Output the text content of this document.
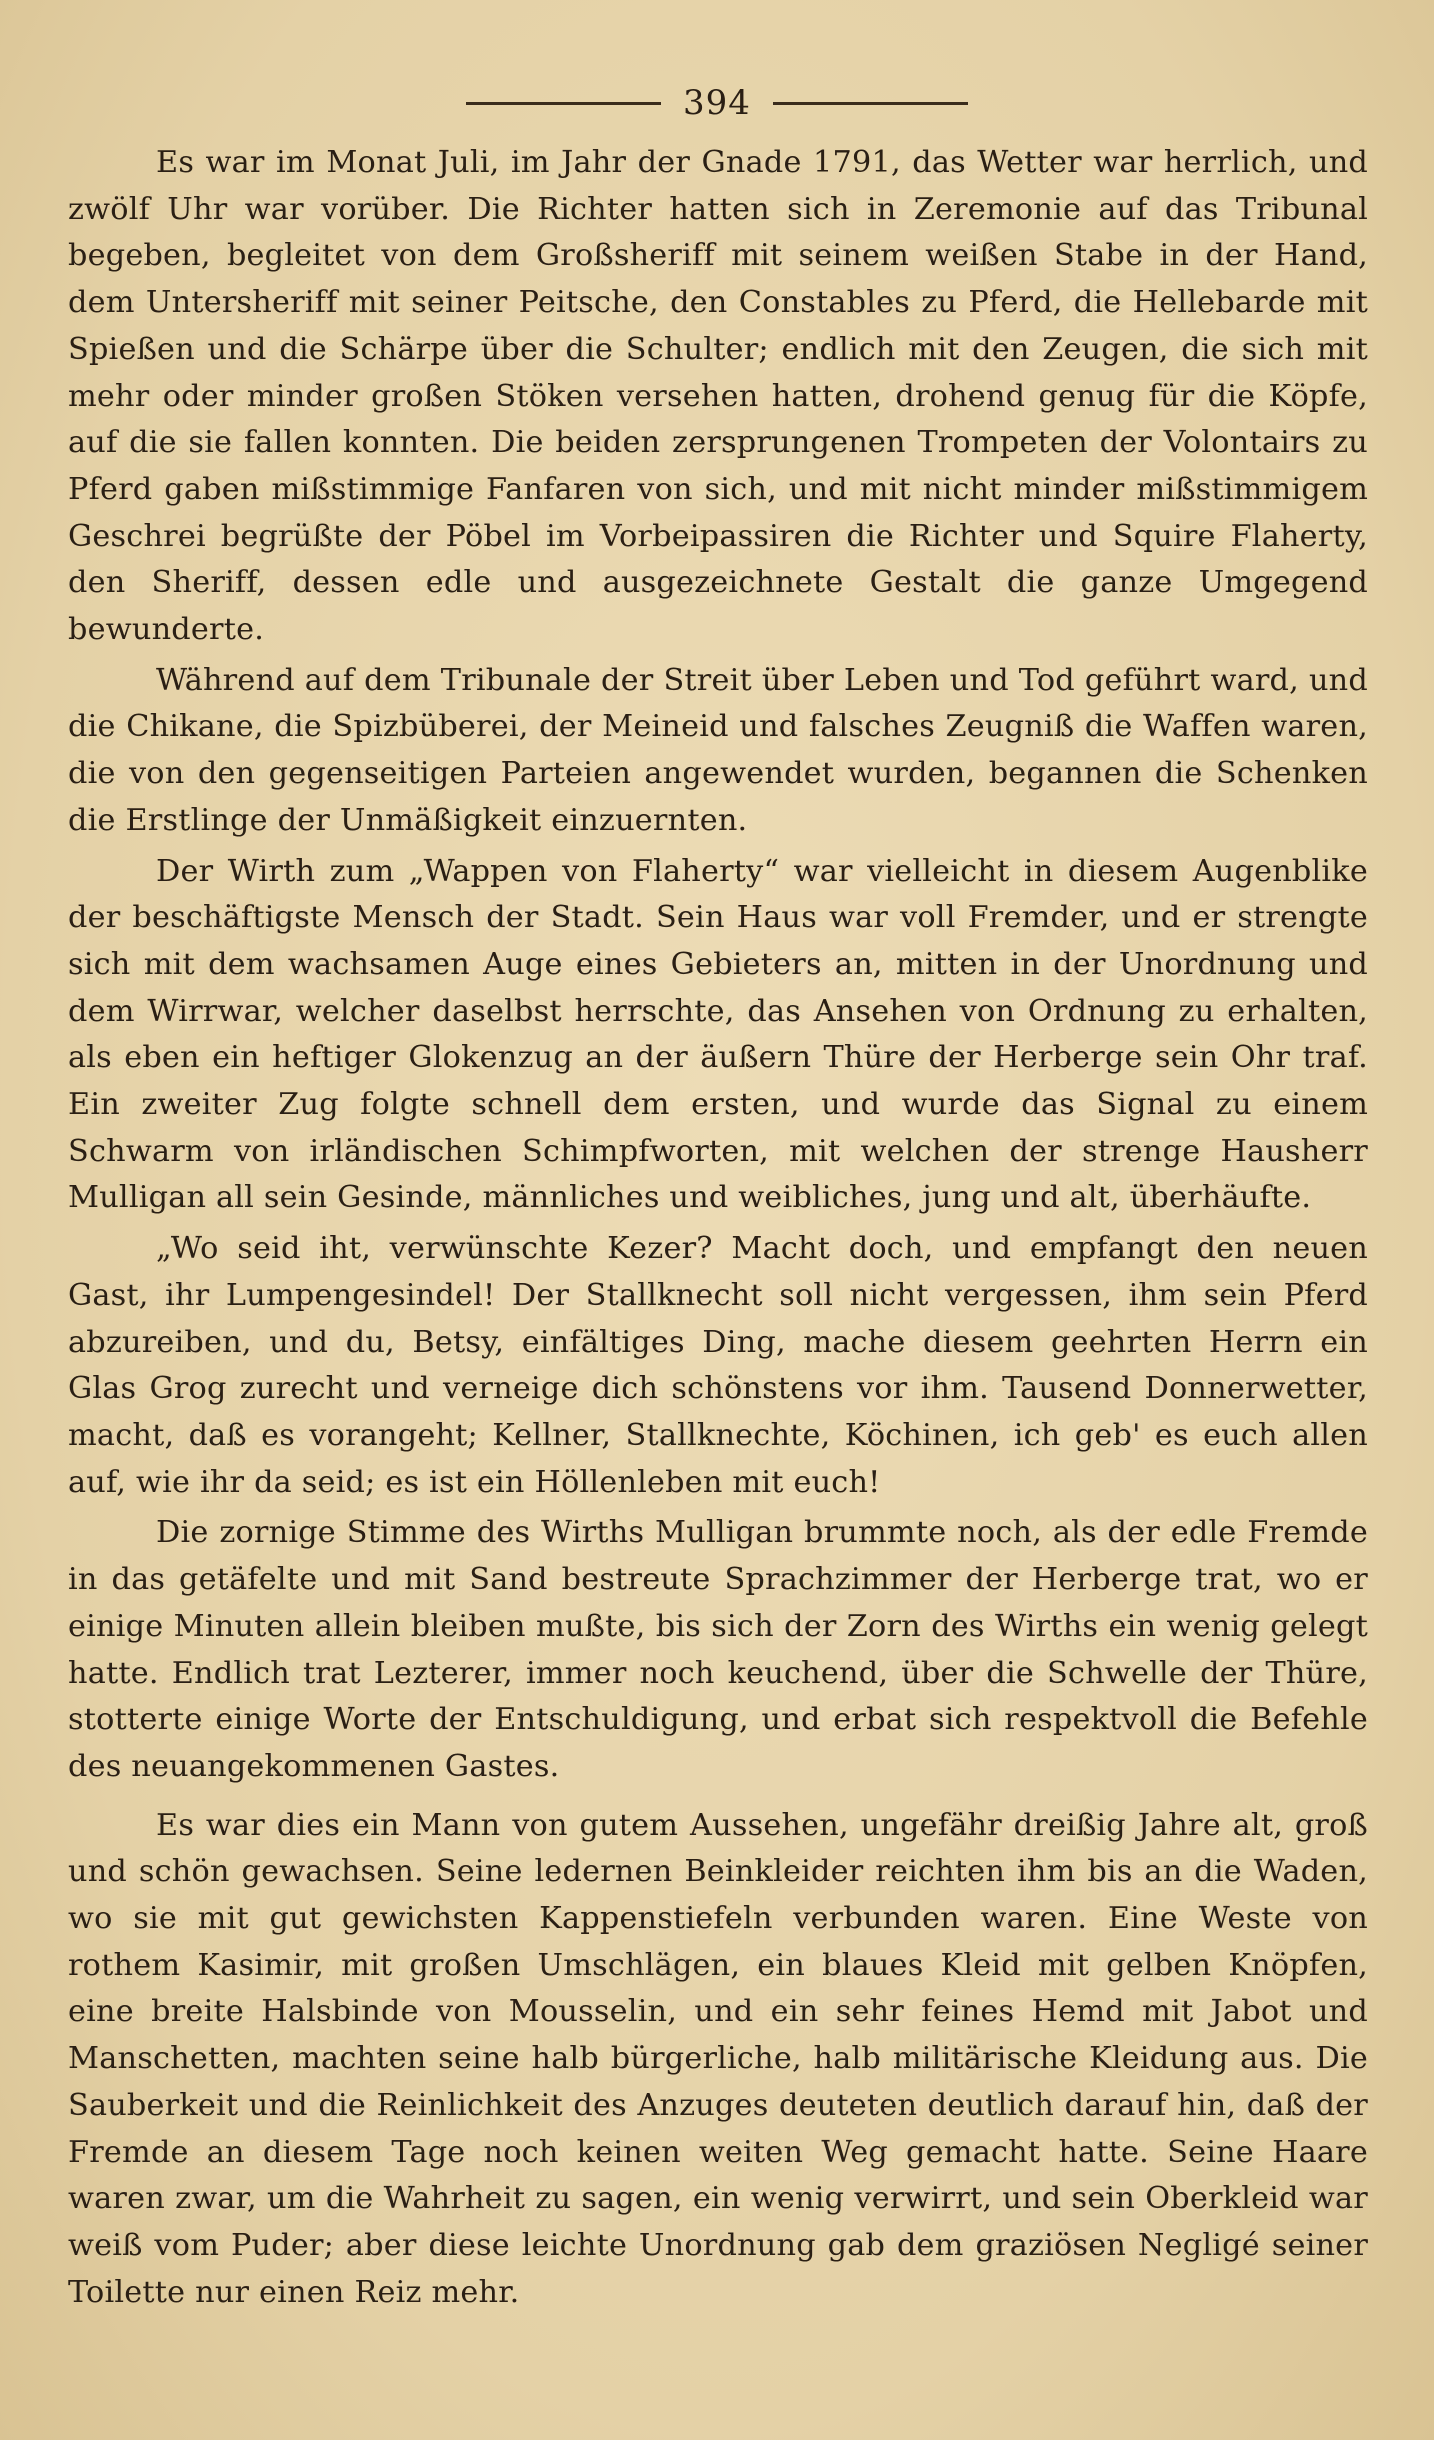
394

Es war im Monat Juli, im Jahr der Gnade 1791, das Wetter war herrlich, und zwölf Uhr war vorüber. Die Richter hatten sich in Zeremonie auf das Tribunal begeben, begleitet von dem Großsheriff mit seinem weißen Stabe in der Hand, dem Untersheriff mit seiner Peitsche, den Constables zu Pferd, die Hellebarde mit Spießen und die Schärpe über die Schulter; endlich mit den Zeugen, die sich mit mehr oder minder großen Stöken versehen hatten, drohend genug für die Köpfe, auf die sie fallen konnten. Die beiden zersprungenen Trompeten der Volontairs zu Pferd gaben mißstimmige Fanfaren von sich, und mit nicht minder mißstimmigem Geschrei begrüßte der Pöbel im Vorbeipassiren die Richter und Squire Flaherty, den Sheriff, dessen edle und ausgezeichnete Gestalt die ganze Umgegend bewunderte.

Während auf dem Tribunale der Streit über Leben und Tod geführt ward, und die Chikane, die Spizbüberei, der Meineid und falsches Zeugniß die Waffen waren, die von den gegenseitigen Parteien angewendet wurden, begannen die Schenken die Erstlinge der Unmäßigkeit einzuernten.

Der Wirth zum „Wappen von Flaherty“ war vielleicht in diesem Augenblike der beschäftigste Mensch der Stadt. Sein Haus war voll Fremder, und er strengte sich mit dem wachsamen Auge eines Gebieters an, mitten in der Unordnung und dem Wirrwar, welcher daselbst herrschte, das Ansehen von Ordnung zu erhalten, als eben ein heftiger Glokenzug an der äußern Thüre der Herberge sein Ohr traf. Ein zweiter Zug folgte schnell dem ersten, und wurde das Signal zu einem Schwarm von irländischen Schimpfworten, mit welchen der strenge Hausherr Mulligan all sein Gesinde, männliches und weibliches, jung und alt, überhäufte.

„Wo seid iht, verwünschte Kezer? Macht doch, und empfangt den neuen Gast, ihr Lumpengesindel! Der Stallknecht soll nicht vergessen, ihm sein Pferd abzureiben, und du, Betsy, einfältiges Ding, mache diesem geehrten Herrn ein Glas Grog zurecht und verneige dich schönstens vor ihm. Tausend Donnerwetter, macht, daß es vorangeht; Kellner, Stallknechte, Köchinen, ich geb' es euch allen auf, wie ihr da seid; es ist ein Höllenleben mit euch!

Die zornige Stimme des Wirths Mulligan brummte noch, als der edle Fremde in das getäfelte und mit Sand bestreute Sprachzimmer der Herberge trat, wo er einige Minuten allein bleiben mußte, bis sich der Zorn des Wirths ein wenig gelegt hatte. Endlich trat Lezterer, immer noch keuchend, über die Schwelle der Thüre, stotterte einige Worte der Entschuldigung, und erbat sich respektvoll die Befehle des neuangekommenen Gastes.

Es war dies ein Mann von gutem Aussehen, ungefähr dreißig Jahre alt, groß und schön gewachsen. Seine ledernen Beinkleider reichten ihm bis an die Waden, wo sie mit gut gewichsten Kappenstiefeln verbunden waren. Eine Weste von rothem Kasimir, mit großen Umschlägen, ein blaues Kleid mit gelben Knöpfen, eine breite Halsbinde von Mousselin, und ein sehr feines Hemd mit Jabot und Manschetten, machten seine halb bürgerliche, halb militärische Kleidung aus. Die Sauberkeit und die Reinlichkeit des Anzuges deuteten deutlich darauf hin, daß der Fremde an diesem Tage noch keinen weiten Weg gemacht hatte. Seine Haare waren zwar, um die Wahrheit zu sagen, ein wenig verwirrt, und sein Oberkleid war weiß vom Puder; aber diese leichte Unordnung gab dem graziösen Negligé seiner Toilette nur einen Reiz mehr.
